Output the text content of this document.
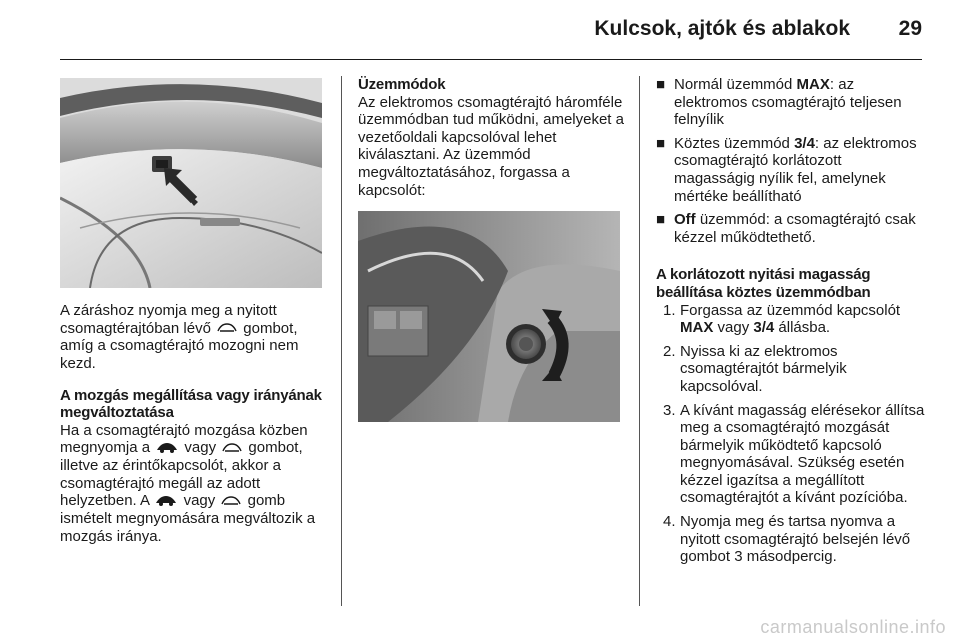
Kulcsok, ajtók és ablakok 29

A záráshoz nyomja meg a nyitott csomagtérajtóban lévő gombot, amíg a csomagtérajtó mozogni nem kezd.

A mozgás megállítása vagy irányának megváltoztatása

Ha a csomagtérajtó mozgása közben megnyomja a vagy gombot, illetve az érintőkapcsolót, akkor a csomagtérajtó megáll az adott helyzetben. A vagy gomb ismételt megnyomására megváltozik a mozgás iránya.

Üzemmódok

Az elektromos csomagtérajtó háromféle üzemmódban tud működni, amelyeket a vezetőoldali kapcsolóval lehet kiválasztani. Az üzemmód megváltoztatásához, forgassa a kapcsolót:

■ Normál üzemmód MAX: az elektromos csomagtérajtó teljesen felnyílik
■ Köztes üzemmód 3/4: az elektromos csomagtérajtó korlátozott magasságig nyílik fel, amelynek mértéke beállítható
■ Off üzemmód: a csomagtérajtó csak kézzel működtethető.
A korlátozott nyitási magasság beállítása köztes üzemmódban
1. Forgassa az üzemmód kapcsolót MAX vagy 3/4 állásba.
2. Nyissa ki az elektromos csomagtérajtót bármelyik kapcsolóval.
3. A kívánt magasság elérésekor állítsa meg a csomagtérajtó mozgását bármelyik működtető kapcsoló megnyomásával. Szükség esetén kézzel igazítsa a megállított csomagtérajtót a kívánt pozícióba.
4. Nyomja meg és tartsa nyomva a nyitott csomagtérajtó belsején lévő gombot 3 másodpercig.
carmanualsonline.info
